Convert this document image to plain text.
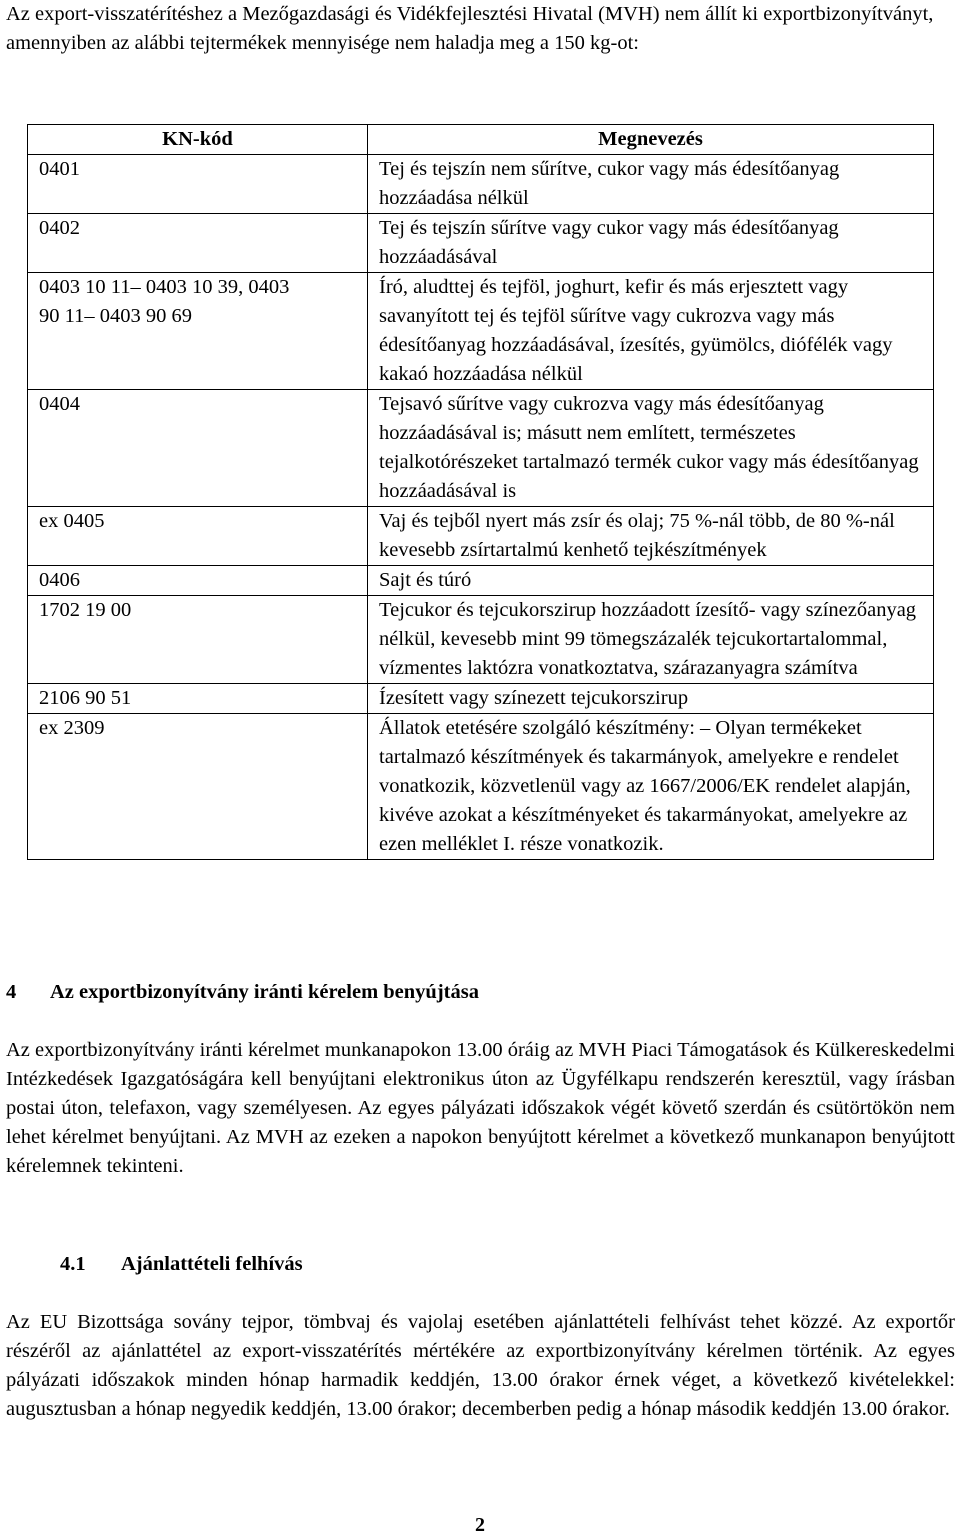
Az export-visszatérítéshez a Mezőgazdasági és Vidékfejlesztési Hivatal (MVH) nem állít ki exportbizonyítványt, amennyiben az alábbi tejtermékek mennyisége nem haladja meg a 150 kg-ot:

KN-kód	Megnevezés
0401	Tej és tejszín nem sűrítve, cukor vagy más édesítőanyag hozzáadása nélkül
0402	Tej és tejszín sűrítve vagy cukor vagy más édesítőanyag hozzáadásával
0403 10 11– 0403 10 39, 0403 90 11– 0403 90 69	Író, aludttej és tejföl, joghurt, kefir és más erjesztett vagy savanyított tej és tejföl sűrítve vagy cukrozva vagy más édesítőanyag hozzáadásával, ízesítés, gyümölcs, diófélék vagy kakaó hozzáadása nélkül
0404	Tejsavó sűrítve vagy cukrozva vagy más édesítőanyag hozzáadásával is; másutt nem említett, természetes tejalkotórészeket tartalmazó termék cukor vagy más édesítőanyag hozzáadásával is
ex 0405	Vaj és tejből nyert más zsír és olaj; 75 %-nál több, de 80 %-nál kevesebb zsírtartalmú kenhető tejkészítmények
0406	Sajt és túró
1702 19 00	Tejcukor és tejcukorszirup hozzáadott ízesítő- vagy színezőanyag nélkül, kevesebb mint 99 tömegszázalék tejcukortartalommal, vízmentes laktózra vonatkoztatva, szárazanyagra számítva
2106 90 51	Ízesített vagy színezett tejcukorszirup
ex 2309	Állatok etetésére szolgáló készítmény: – Olyan termékeket tartalmazó készítmények és takarmányok, amelyekre e rendelet vonatkozik, közvetlenül vagy az 1667/2006/EK rendelet alapján, kivéve azokat a készítményeket és takarmányokat, amelyekre az ezen melléklet I. része vonatkozik.
4 Az exportbizonyítvány iránti kérelem benyújtása

Az exportbizonyítvány iránti kérelmet munkanapokon 13.00 óráig az MVH Piaci Támogatások és Külkereskedelmi Intézkedések Igazgatóságára kell benyújtani elektronikus úton az Ügyfélkapu rendszerén keresztül, vagy írásban postai úton, telefaxon, vagy személyesen. Az egyes pályázati időszakok végét követő szerdán és csütörtökön nem lehet kérelmet benyújtani. Az MVH az ezeken a napokon benyújtott kérelmet a következő munkanapon benyújtott kérelemnek tekinteni.

4.1 Ajánlattételi felhívás

Az EU Bizottsága sovány tejpor, tömbvaj és vajolaj esetében ajánlattételi felhívást tehet közzé. Az exportőr részéről az ajánlattétel az export-visszatérítés mértékére az exportbizonyítvány kérelmen történik. Az egyes pályázati időszakok minden hónap harmadik keddjén, 13.00 órakor érnek véget, a következő kivételekkel: augusztusban a hónap negyedik keddjén, 13.00 órakor; decemberben pedig a hónap második keddjén 13.00 órakor.

2
